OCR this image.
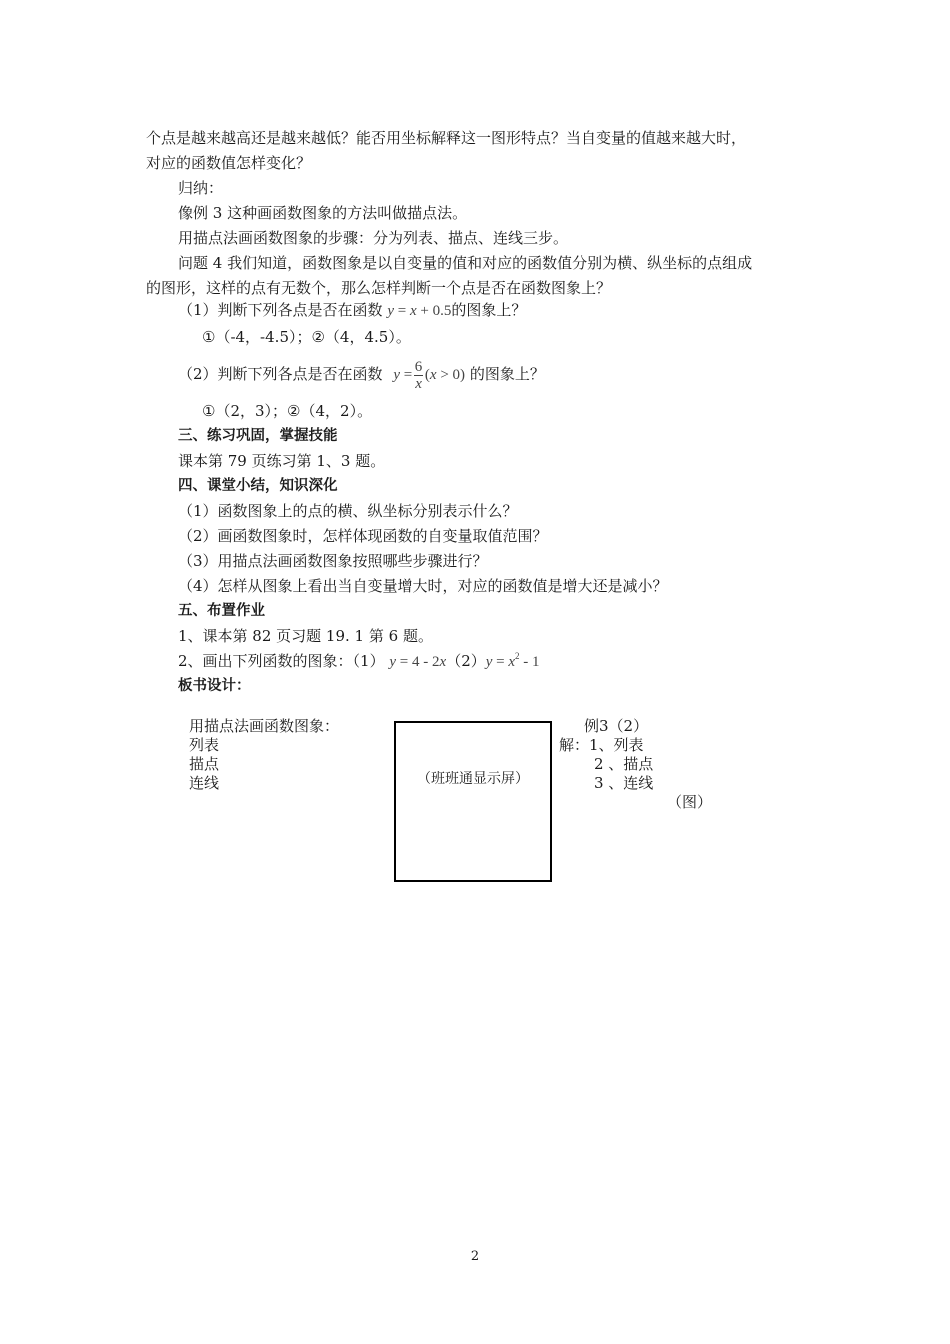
个点是越来越高还是越来越低？能否用坐标解释这一图形特点？当自变量的值越来越大时，
对应的函数值怎样变化？
归纳：
像例 3 这种画函数图象的方法叫做描点法。
用描点法画函数图象的步骤：分为列表、描点、连线三步。
问题 4 我们知道，函数图象是以自变量的值和对应的函数值分别为横、纵坐标的点组成
的图形，这样的点有无数个，那么怎样判断一个点是否在函数图象上？
（1）判断下列各点是否在函数 y = x + 0.5的图象上？
①（-4，-4.5）；②（4，4.5）。
（2）判断下列各点是否在函数 $y = \frac{6}{x} (x > 0)$ 的图象上？
①（2，3）；②（4，2）。
三、练习巩固，掌握技能
课本第 79 页练习第 1、3 题。
四、课堂小结，知识深化
（1）函数图象上的点的横、纵坐标分别表示什么？
（2）画函数图象时，怎样体现函数的自变量取值范围？
（3）用描点法画函数图象按照哪些步骤进行？
（4）怎样从图象上看出当自变量增大时，对应的函数值是增大还是减小？
五、布置作业
1、课本第 82 页习题 19. 1 第 6 题。
2、画出下列函数的图象：（1） $y = 4 - 2x(2)y = x^2 - 1$
板书设计：
用描点法画函数图象：
列表
描点
连线	（班班通显示屏）
例3（2）
解：1、列表
2 、描点
3 、连线
（图）
2
